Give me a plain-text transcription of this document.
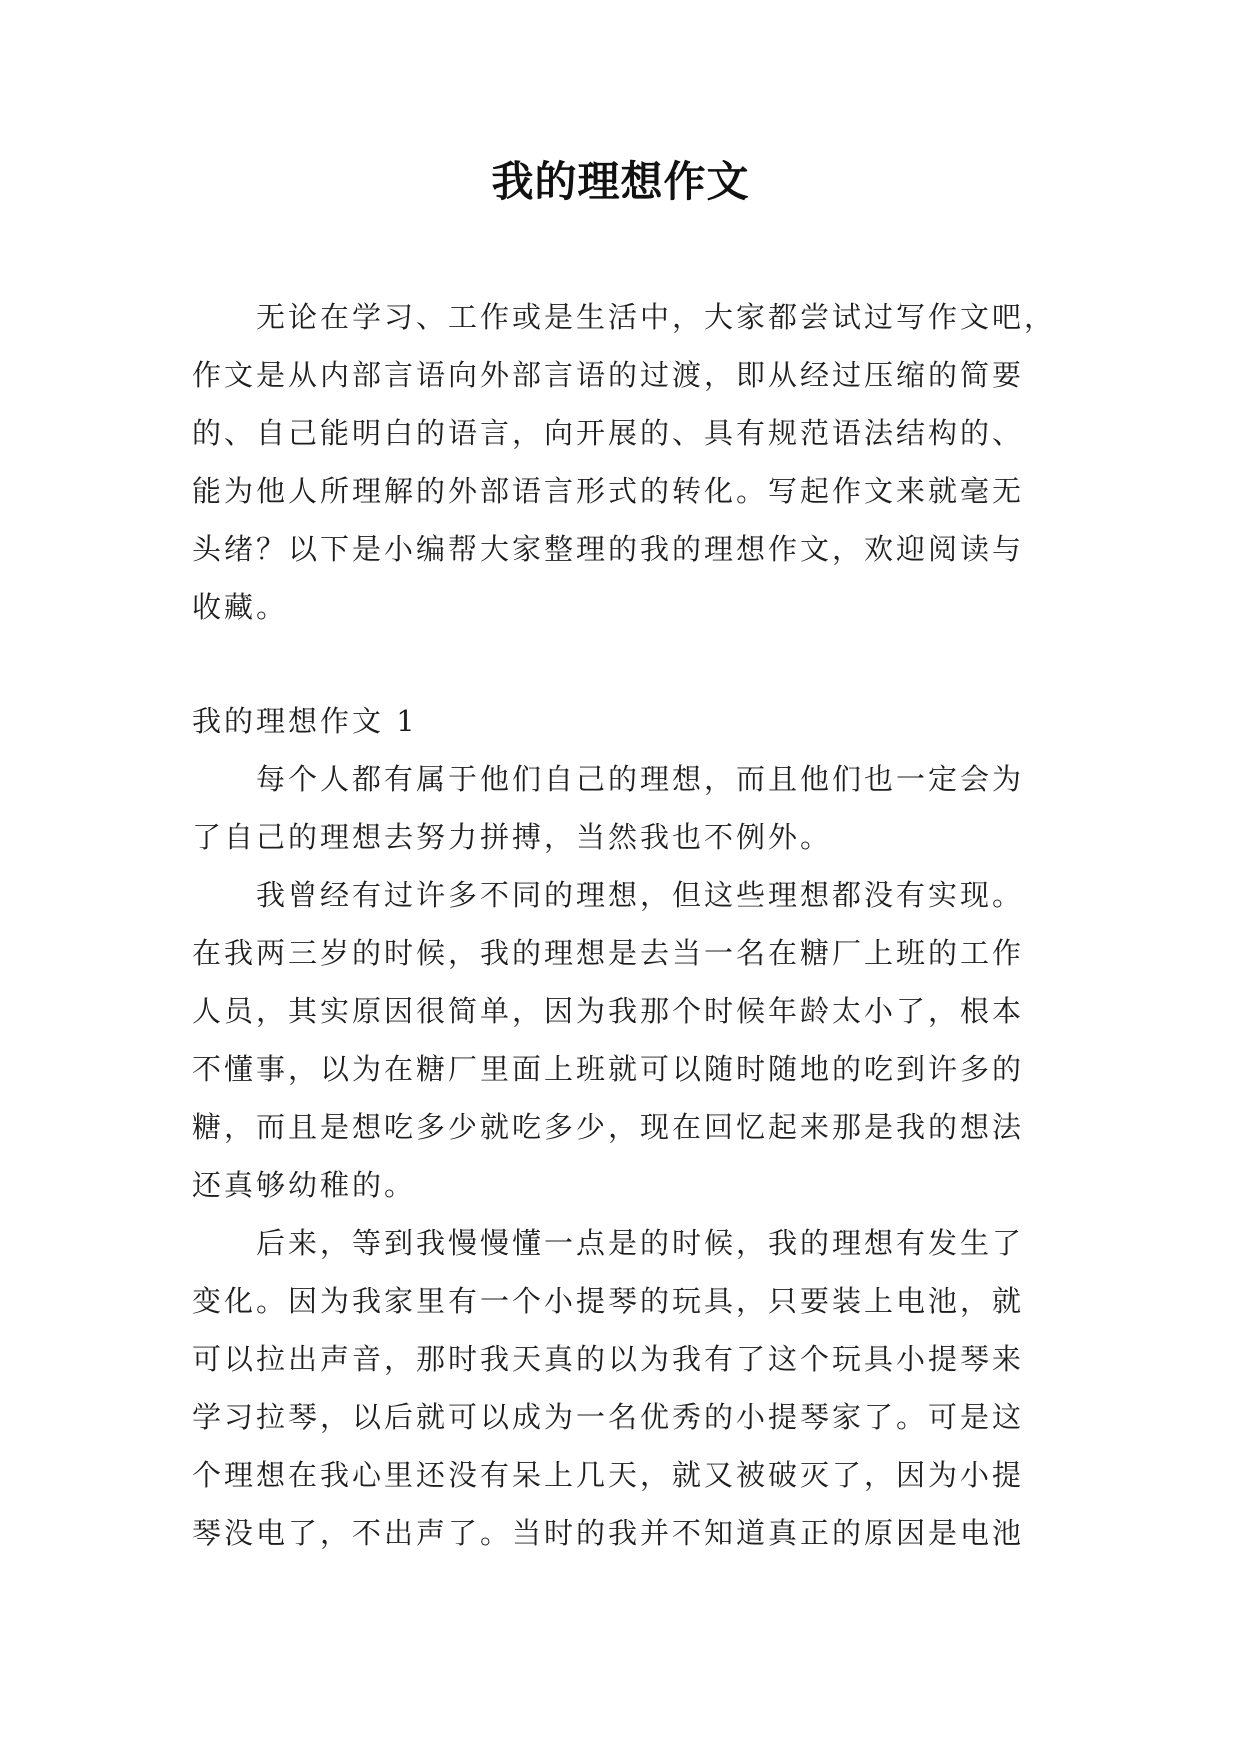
我的理想作文
无论在学习、工作或是生活中，大家都尝试过写作文吧，
作文是从内部言语向外部言语的过渡，即从经过压缩的简要
的、自己能明白的语言，向开展的、具有规范语法结构的、
能为他人所理解的外部语言形式的转化。写起作文来就毫无
头绪？以下是小编帮大家整理的我的理想作文，欢迎阅读与
收藏。
我的理想作文 1
每个人都有属于他们自己的理想，而且他们也一定会为
了自己的理想去努力拼搏，当然我也不例外。
我曾经有过许多不同的理想，但这些理想都没有实现。
在我两三岁的时候，我的理想是去当一名在糖厂上班的工作
人员，其实原因很简单，因为我那个时候年龄太小了，根本
不懂事，以为在糖厂里面上班就可以随时随地的吃到许多的
糖，而且是想吃多少就吃多少，现在回忆起来那是我的想法
还真够幼稚的。
后来，等到我慢慢懂一点是的时候，我的理想有发生了
变化。因为我家里有一个小提琴的玩具，只要装上电池，就
可以拉出声音，那时我天真的以为我有了这个玩具小提琴来
学习拉琴，以后就可以成为一名优秀的小提琴家了。可是这
个理想在我心里还没有呆上几天，就又被破灭了，因为小提
琴没电了，不出声了。当时的我并不知道真正的原因是电池
